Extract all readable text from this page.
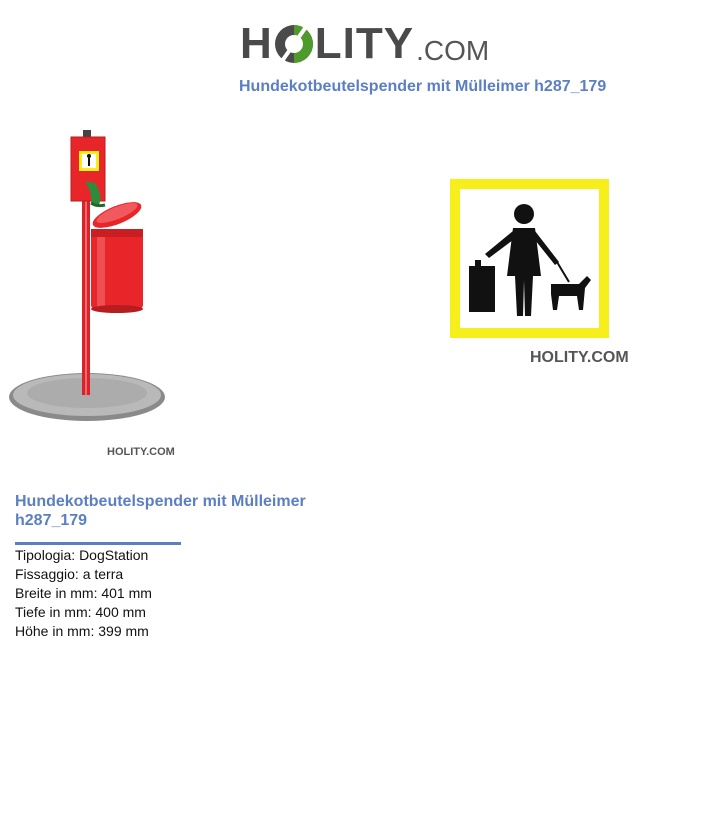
H LITY .COM
Hundekotbeutelspender mit Mülleimer h287_179
HOLITY.COM
HOLITY.COM
Hundekotbeutelspender mit Mülleimer h287_179
Tipologia: DogStation
Fissaggio: a terra
Breite in mm: 401 mm
Tiefe in mm: 400 mm
Höhe in mm: 399 mm
